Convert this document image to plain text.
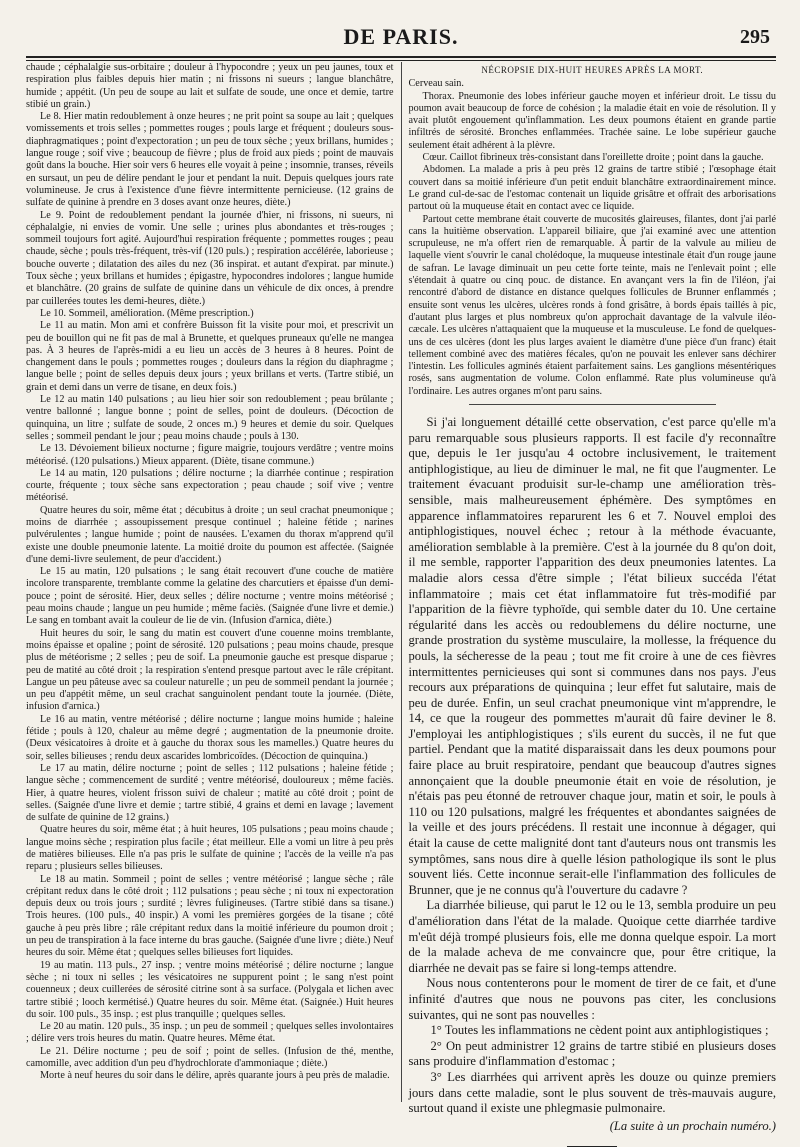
DE PARIS.	295

chaude ; céphalalgie sus-orbitaire ; douleur à l'hypocondre ; yeux un peu jaunes, toux et respiration plus faibles depuis hier matin ; ni frissons ni sueurs ; langue blanchâtre, humide ; appétit. (Un peu de soupe au lait et sulfate de soude, une once et demie, tartre stibié un grain.)

Le 8. Hier matin redoublement à onze heures ; ne prit point sa soupe au lait ; quelques vomissements et trois selles ; pommettes rouges ; pouls large et fréquent ; douleurs sous-diaphragmatiques ; point d'expectoration ; un peu de toux sèche ; yeux brillans, humides ; langue rouge ; soif vive ; beaucoup de fièvre ; plus de froid aux pieds ; point de mauvais goût dans la bouche. Hier soir vers 6 heures elle voyait à peine ; insomnie, transes, réveils en sursaut, un peu de délire pendant le jour et pendant la nuit. Depuis quelques jours rate volumineuse. Je crus à l'existence d'une fièvre intermittente pernicieuse. (12 grains de sulfate de quinine à prendre en 3 doses avant onze heures, diète.)

Le 9. Point de redoublement pendant la journée d'hier, ni frissons, ni sueurs, ni céphalalgie, ni envies de vomir. Une selle ; urines plus abondantes et très-rouges ; sommeil toujours fort agité. Aujourd'hui respiration fréquente ; pommettes rouges ; peau chaude, sèche ; pouls très-fréquent, très-vif (120 puls.) ; respiration accélérée, laborieuse ; bouche ouverte ; dilatation des ailes du nez (36 inspirat. et autant d'expirat. par minute.) Toux sèche ; yeux brillans et humides ; épigastre, hypocondres indolores ; langue humide et blanchâtre. (20 grains de sulfate de quinine dans un véhicule de dix onces, à prendre par cuillerées toutes les demi-heures, diète.)

Le 10. Sommeil, amélioration. (Même prescription.)

Le 11 au matin. Mon ami et confrère Buisson fit la visite pour moi, et prescrivit un peu de bouillon qui ne fit pas de mal à Brunette, et quelques pruneaux qu'elle ne mangea pas. À 3 heures de l'après-midi a eu lieu un accès de 3 heures à 8 heures. Point de changement dans le pouls ; pommettes rouges ; douleurs dans la région du diaphragme ; langue belle ; point de selles depuis deux jours ; yeux brillans et verts. (Tartre stibié, un grain et demi dans un verre de tisane, en deux fois.)

Le 12 au matin 140 pulsations ; au lieu hier soir son redoublement ; peau brûlante ; ventre ballonné ; langue bonne ; point de selles, point de douleurs. (Décoction de quinquina, un litre ; sulfate de soude, 2 onces m.) 9 heures et demie du soir. Quelques selles ; sommeil pendant le jour ; peau moins chaude ; pouls à 130.

Le 13. Dévoiement bilieux nocturne ; figure maigrie, toujours verdâtre ; ventre moins météorisé. (120 pulsations.) Mieux apparent. (Diète, tisane commune.)

Le 14 au matin, 120 pulsations ; délire nocturne ; la diarrhée continue ; respiration courte, fréquente ; toux sèche sans expectoration ; peau chaude ; soif vive ; ventre météorisé.

Quatre heures du soir, même état ; décubitus à droite ; un seul crachat pneumonique ; moins de diarrhée ; assoupissement presque continuel ; haleine fétide ; narines pulvérulentes ; langue humide ; point de nausées. L'examen du thorax m'apprend qu'il existe une double pneumonie latente. La moitié droite du poumon est affectée. (Saignée d'une demi-livre seulement, de peur d'accident.)

Le 15 au matin, 120 pulsations ; le sang était recouvert d'une couche de matière incolore transparente, tremblante comme la gelatine des charcutiers et épaisse d'un demi-pouce ; point de sérosité. Hier, deux selles ; délire nocturne ; ventre moins météorisé ; peau moins chaude ; langue un peu humide ; même faciès. (Saignée d'une livre et demie.) Le sang en tombant avait la couleur de lie de vin. (Infusion d'arnica, diète.)

Huit heures du soir, le sang du matin est couvert d'une couenne moins tremblante, moins épaisse et opaline ; point de sérosité. 120 pulsations ; peau moins chaude, presque plus de météorisme ; 2 selles ; peu de soif. La pneumonie gauche est presque disparue ; peu de matité au côté droit ; la respiration s'entend presque partout avec le râle crépitant. Langue un peu pâteuse avec sa couleur naturelle ; un peu de sommeil pendant la journée ; un peu d'appétit même, un seul crachat sanguinolent pendant toute la journée. (Diète, infusion d'arnica.)

Le 16 au matin, ventre météorisé ; délire nocturne ; langue moins humide ; haleine fétide ; pouls à 120, chaleur au même degré ; augmentation de la pneumonie droite. (Deux vésicatoires à droite et à gauche du thorax sous les mamelles.) Quatre heures du soir, selles bilieuses ; rendu deux ascarides lombricoïdes. (Décoction de quinquina.)

Le 17 au matin, délire nocturne ; point de selles ; 112 pulsations ; haleine fétide ; langue sèche ; commencement de surdité ; ventre météorisé, douloureux ; même faciès. Hier, à quatre heures, violent frisson suivi de chaleur ; matité au côté droit ; point de selles. (Saignée d'une livre et demie ; tartre stibié, 4 grains et demi en lavage ; lavement de sulfate de quinine de 12 grains.)

Quatre heures du soir, même état ; à huit heures, 105 pulsations ; peau moins chaude ; langue moins sèche ; respiration plus facile ; état meilleur. Elle a vomi un litre à peu près de matières bilieuses. Elle n'a pas pris le sulfate de quinine ; l'accès de la veille n'a pas reparu ; plusieurs selles bilieuses.

Le 18 au matin. Sommeil ; point de selles ; ventre météorisé ; langue sèche ; râle crépitant redux dans le côté droit ; 112 pulsations ; peau sèche ; ni toux ni expectoration depuis deux ou trois jours ; surdité ; lèvres fuligineuses. (Tartre stibié dans sa tisane.) Trois heures. (100 puls., 40 inspir.) A vomi les premières gorgées de la tisane ; côté gauche à peu près libre ; râle crépitant redux dans la moitié inférieure du poumon droit ; un peu de transpiration à la face interne du bras gauche. (Saignée d'une livre ; diète.) Neuf heures du soir. Même état ; quelques selles bilieuses fort liquides.

19 au matin. 113 puls., 27 insp. ; ventre moins météorisé ; délire nocturne ; langue sèche ; ni toux ni selles ; les vésicatoires ne suppurent point ; le sang n'est point couenneux ; deux cuillerées de sérosité citrine sont à sa surface. (Polygala et lichen avec tartre stibié ; looch kermétisé.) Quatre heures du soir. Même état. (Saignée.) Huit heures du soir. 100 puls., 35 insp. ; est plus tranquille ; quelques selles.

Le 20 au matin. 120 puls., 35 insp. ; un peu de sommeil ; quelques selles involontaires ; délire vers trois heures du matin. Quatre heures. Même état.

Le 21. Délire nocturne ; peu de soif ; point de selles. (Infusion de thé, menthe, camomille, avec addition d'un peu d'hydrochlorate d'ammoniaque ; diète.)

Morte à neuf heures du soir dans le délire, après quarante jours à peu près de maladie.

NÉCROPSIE DIX-HUIT HEURES APRÈS LA MORT.

Cerveau sain.

Thorax. Pneumonie des lobes inférieur gauche moyen et inférieur droit. Le tissu du poumon avait beaucoup de force de cohésion ; la maladie était en voie de résolution. Il y avait plutôt engouement qu'inflammation. Les deux poumons étaient en grande partie infiltrés de sérosité. Bronches enflammées. Trachée saine. Le lobe supérieur gauche seulement était adhérent à la plèvre.

Cœur. Caillot fibrineux très-consistant dans l'oreillette droite ; point dans la gauche.

Abdomen. La malade a pris à peu près 12 grains de tartre stibié ; l'œsophage était couvert dans sa moitié inférieure d'un petit enduit blanchâtre extraordinairement mince. Le grand cul-de-sac de l'estomac contenait un liquide grisâtre et offrait des arborisations partout où la muqueuse était en contact avec ce liquide.

Partout cette membrane était couverte de mucosités glaireuses, filantes, dont j'ai parlé cans la huitième observation. L'appareil biliaire, que j'ai examiné avec une attention scrupuleuse, ne m'a offert rien de remarquable. À partir de la valvule au milieu de laquelle vient s'ouvrir le canal cholédoque, la muqueuse intestinale était d'un rouge jaune de safran. Le lavage diminuait un peu cette forte teinte, mais ne l'enlevait point ; elle s'étendait à quatre ou cinq pouc. de distance. En avançant vers la fin de l'iléon, j'ai rencontré d'abord de distance en distance quelques follicules de Brunner enflammés ; ensuite sont venus les ulcères, ulcères ronds à fond grisâtre, à bords épais taillés à pic, d'autant plus larges et plus nombreux qu'on approchait davantage de la valvule iléo-cæcale. Les ulcères n'attaquaient que la muqueuse et la musculeuse. Le fond de quelques-uns de ces ulcères (dont les plus larges avaient le diamètre d'une pièce d'un franc) était tellement combiné avec des matières fécales, qu'on ne pouvait les enlever sans déchirer l'intestin. Les follicules agminés étaient parfaitement sains. Les ganglions mésentériques rosés, sans augmentation de volume. Colon enflammé. Rate plus volumineuse qu'à l'ordinaire. Les autres organes m'ont paru sains.

Si j'ai longuement détaillé cette observation, c'est parce qu'elle m'a paru remarquable sous plusieurs rapports. Il est facile d'y reconnaître que, depuis le 1er jusqu'au 4 octobre inclusivement, le traitement antiphlogistique, au lieu de diminuer le mal, ne fit que l'augmenter. Le traitement évacuant produisit sur-le-champ une amélioration très-sensible, mais malheureusement éphémère. Des symptômes en apparence inflammatoires reparurent les 6 et 7. Nouvel emploi des antiphlogistiques, nouvel échec ; retour à la méthode évacuante, amélioration semblable à la première. C'est à la journée du 8 qu'on doit, il me semble, rapporter l'apparition des deux pneumonies latentes. La maladie alors cessa d'être simple ; l'état bilieux succéda l'état inflammatoire ; mais cet état inflammatoire fut très-modifié par l'apparition de la fièvre typhoïde, qui semble dater du 10. Une certaine régularité dans les accès ou redoublemens du délire nocturne, une grande prostration du système musculaire, la mollesse, la fréquence du pouls, la sécheresse de la peau ; tout me fit croire à une de ces fièvres intermittentes pernicieuses qui sont si communes dans nos pays. J'eus recours aux préparations de quinquina ; leur effet fut salutaire, mais de peu de durée. Enfin, un seul crachat pneumonique vint m'apprendre, le 14, ce que la rougeur des pommettes m'aurait dû faire deviner le 8. J'employai les antiphlogistiques ; s'ils eurent du succès, il ne fut que partiel. Pendant que la matité disparaissait dans les deux poumons pour faire place au bruit respiratoire, pendant que beaucoup d'autres signes annonçaient que la double pneumonie était en voie de résolution, je n'étais pas peu étonné de retrouver chaque jour, matin et soir, le pouls à 110 ou 120 pulsations, malgré les fréquentes et abondantes saignées de la veille et des jours précédens. Il restait une inconnue à dégager, qui était la cause de cette malignité dont tant d'auteurs nous ont transmis les symptômes, sans nous dire à quelle lésion pathologique ils sont le plus souvent liés. Cette inconnue serait-elle l'inflammation des follicules de Brunner, que je ne connus qu'à l'ouverture du cadavre ?

La diarrhée bilieuse, qui parut le 12 ou le 13, sembla produire un peu d'amélioration dans l'état de la malade. Quoique cette diarrhée tardive m'eût déjà trompé plusieurs fois, elle me donna quelque espoir. La mort de la malade acheva de me convaincre que, pour être critique, la diarrhée ne devait pas se faire si long-temps attendre.

Nous nous contenterons pour le moment de tirer de ce fait, et d'une infinité d'autres que nous ne pouvons pas citer, les conclusions suivantes, qui ne sont pas nouvelles :

1° Toutes les inflammations ne cèdent point aux antiphlogistiques ;
2° On peut administrer 12 grains de tartre stibié en plusieurs doses sans produire d'inflammation d'estomac ;
3° Les diarrhées qui arrivent après les douze ou quinze premiers jours dans cette maladie, sont le plus souvent de très-mauvais augure, surtout quand il existe une phlegmasie pulmonaire.
(La suite à un prochain numéro.)
